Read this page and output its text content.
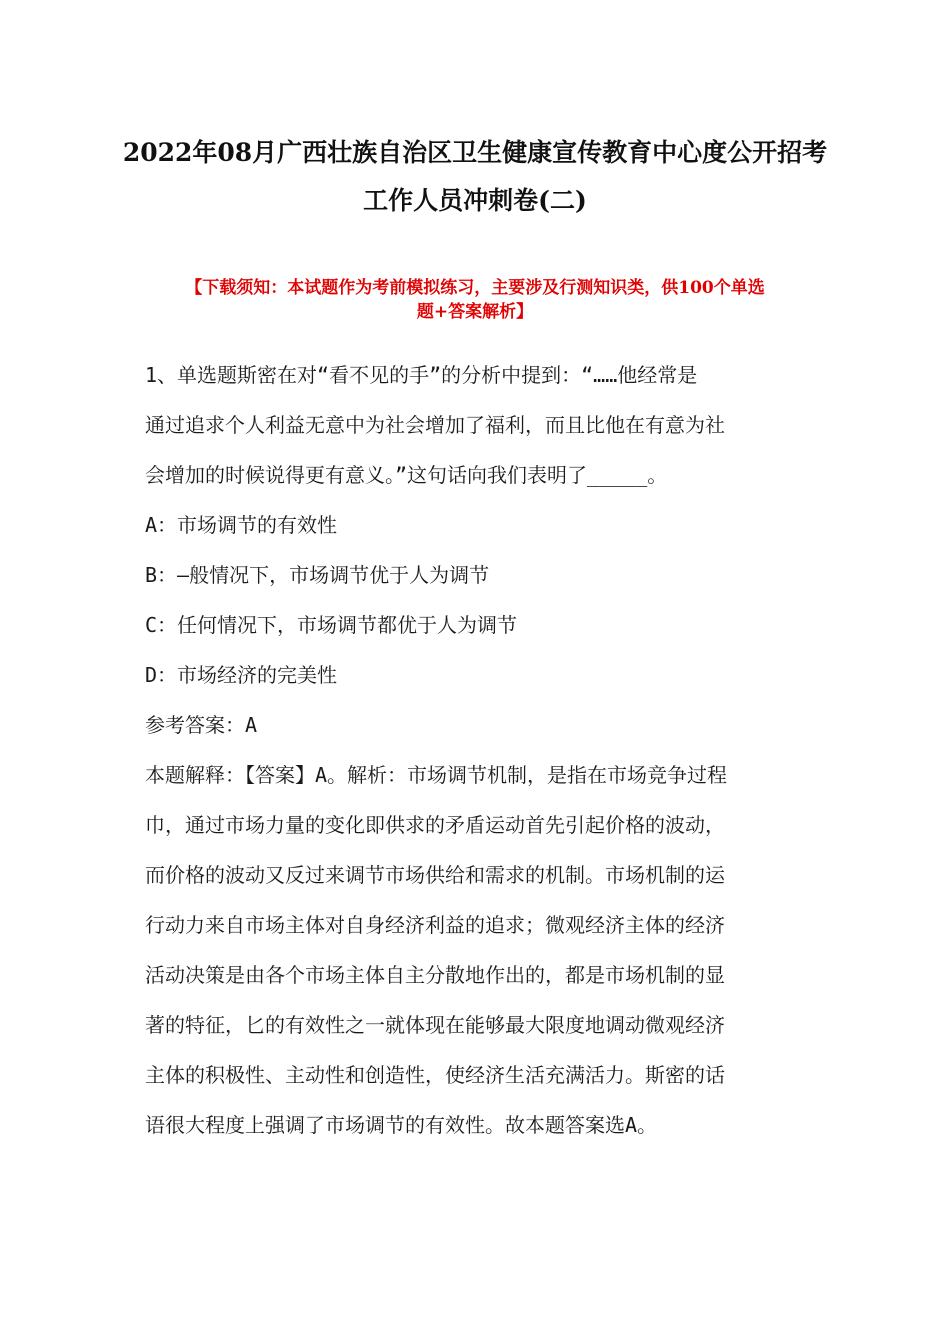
2022年08月广西壮族自治区卫生健康宣传教育中心度公开招考
工作人员冲刺卷(二)
【下载须知：本试题作为考前模拟练习，主要涉及行测知识类，供100个单选
题+答案解析】
1、单选题斯密在对“看不见的手”的分析中提到：“……他经常是
通过追求个人利益无意中为社会增加了福利，而且比他在有意为社
会增加的时候说得更有意义。”这句话向我们表明了_____。
A：市场调节的有效性
B：—般情况下，市场调节优于人为调节
C：任何情况下，市场调节都优于人为调节
D：市场经济的完美性
参考答案：A
本题解释：【答案】A。解析：市场调节机制，是指在市场竞争过程
巾，通过市场力量的变化即供求的矛盾运动首先引起价格的波动，
而价格的波动又反过来调节市场供给和需求的机制。市场机制的运
行动力来自市场主体对自身经济利益的追求；微观经济主体的经济
活动决策是由各个市场主体自主分散地作出的，都是市场机制的显
著的特征，匕的有效性之一就体现在能够最大限度地调动微观经济
主体的积极性、主动性和创造性，使经济生活充满活力。斯密的话
语很大程度上强调了市场调节的有效性。故本题答案选A。
